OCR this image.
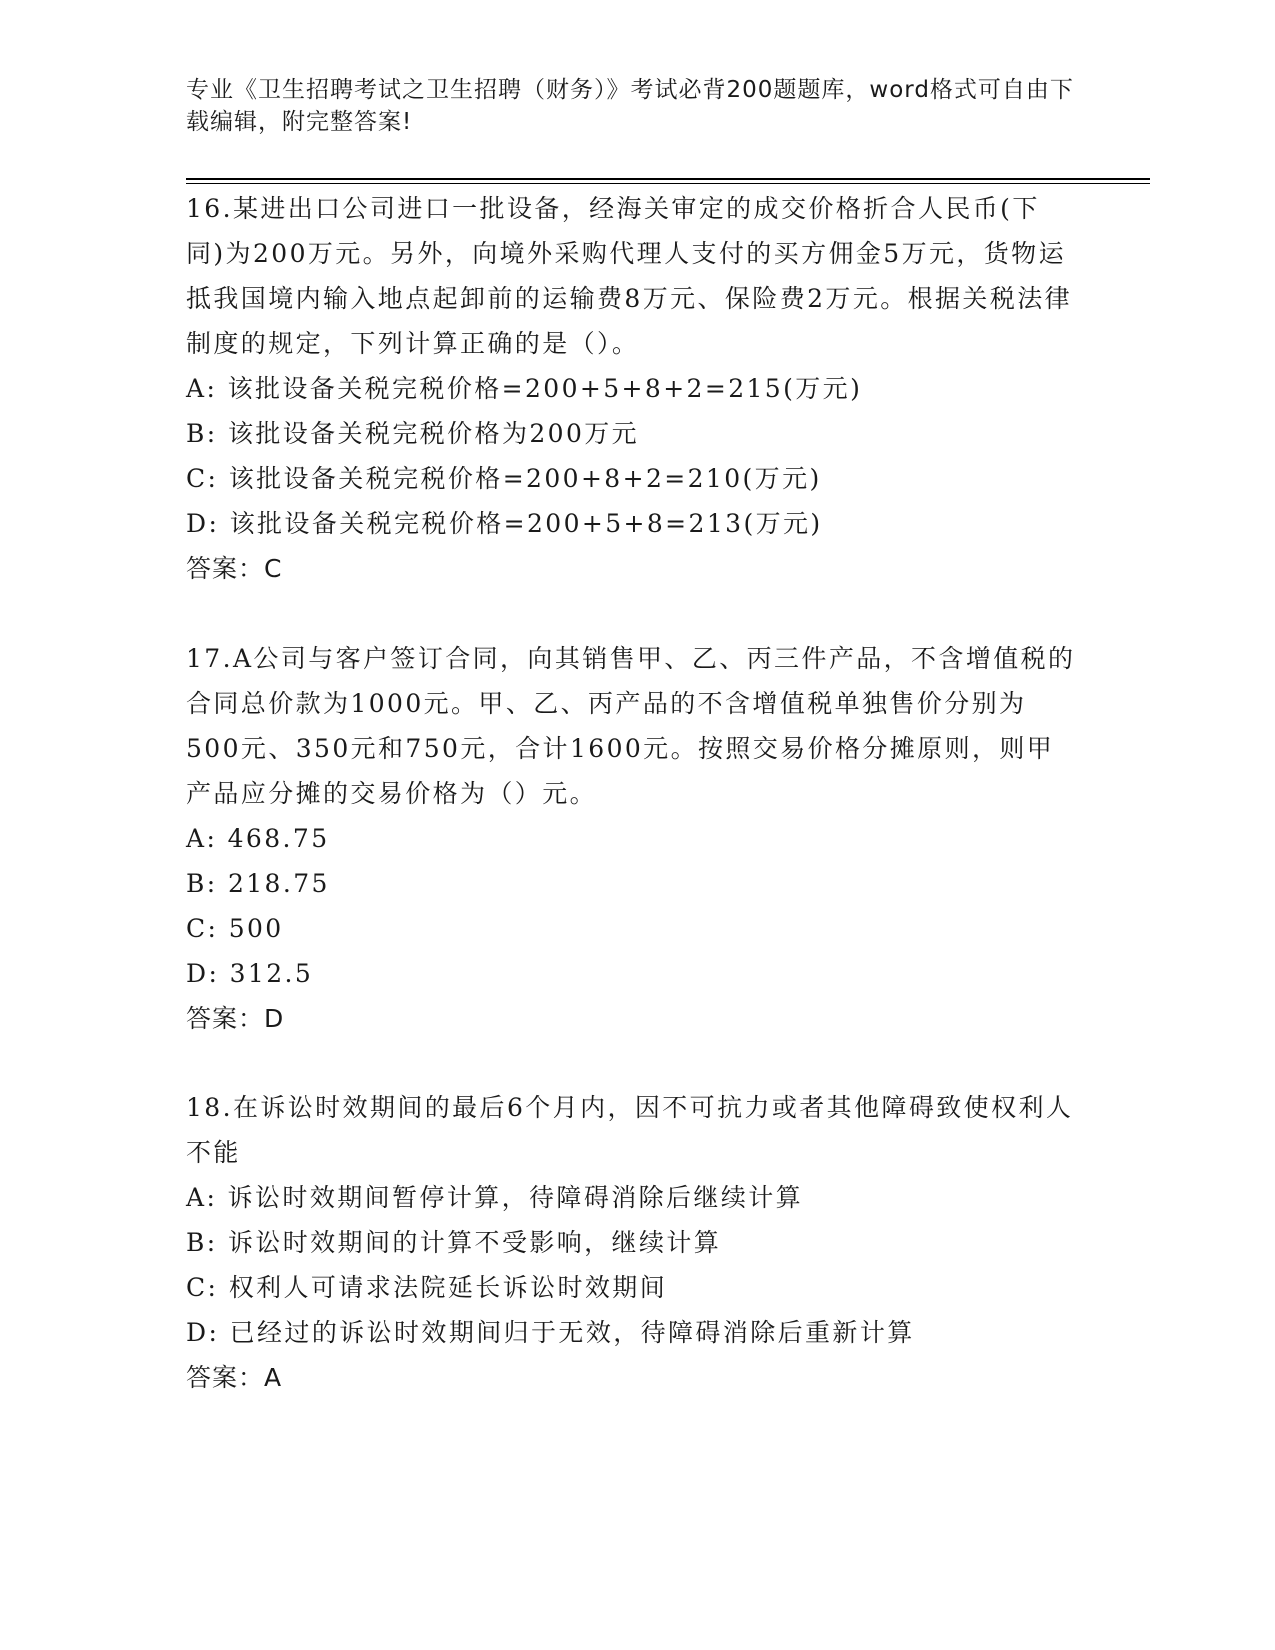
专业《卫生招聘考试之卫生招聘（财务）》考试必背200题题库，word格式可自由下载编辑，附完整答案!
16.某进出口公司进口一批设备，经海关审定的成交价格折合人民币(下同)为200万元。另外，向境外采购代理人支付的买方佣金5万元，货物运抵我国境内输入地点起卸前的运输费8万元、保险费2万元。根据关税法律制度的规定，下列计算正确的是（）。
A: 该批设备关税完税价格=200+5+8+2=215(万元)
B: 该批设备关税完税价格为200万元
C: 该批设备关税完税价格=200+8+2=210(万元)
D: 该批设备关税完税价格=200+5+8=213(万元)
答案：C
17.A公司与客户签订合同，向其销售甲、乙、丙三件产品，不含增值税的合同总价款为1000元。甲、乙、丙产品的不含增值税单独售价分别为500元、350元和750元，合计1600元。按照交易价格分摊原则，则甲产品应分摊的交易价格为（）元。
A: 468.75
B: 218.75
C: 500
D: 312.5
答案：D
18.在诉讼时效期间的最后6个月内，因不可抗力或者其他障碍致使权利人不能
A: 诉讼时效期间暂停计算，待障碍消除后继续计算
B: 诉讼时效期间的计算不受影响，继续计算
C: 权利人可请求法院延长诉讼时效期间
D: 已经过的诉讼时效期间归于无效，待障碍消除后重新计算
答案：A
